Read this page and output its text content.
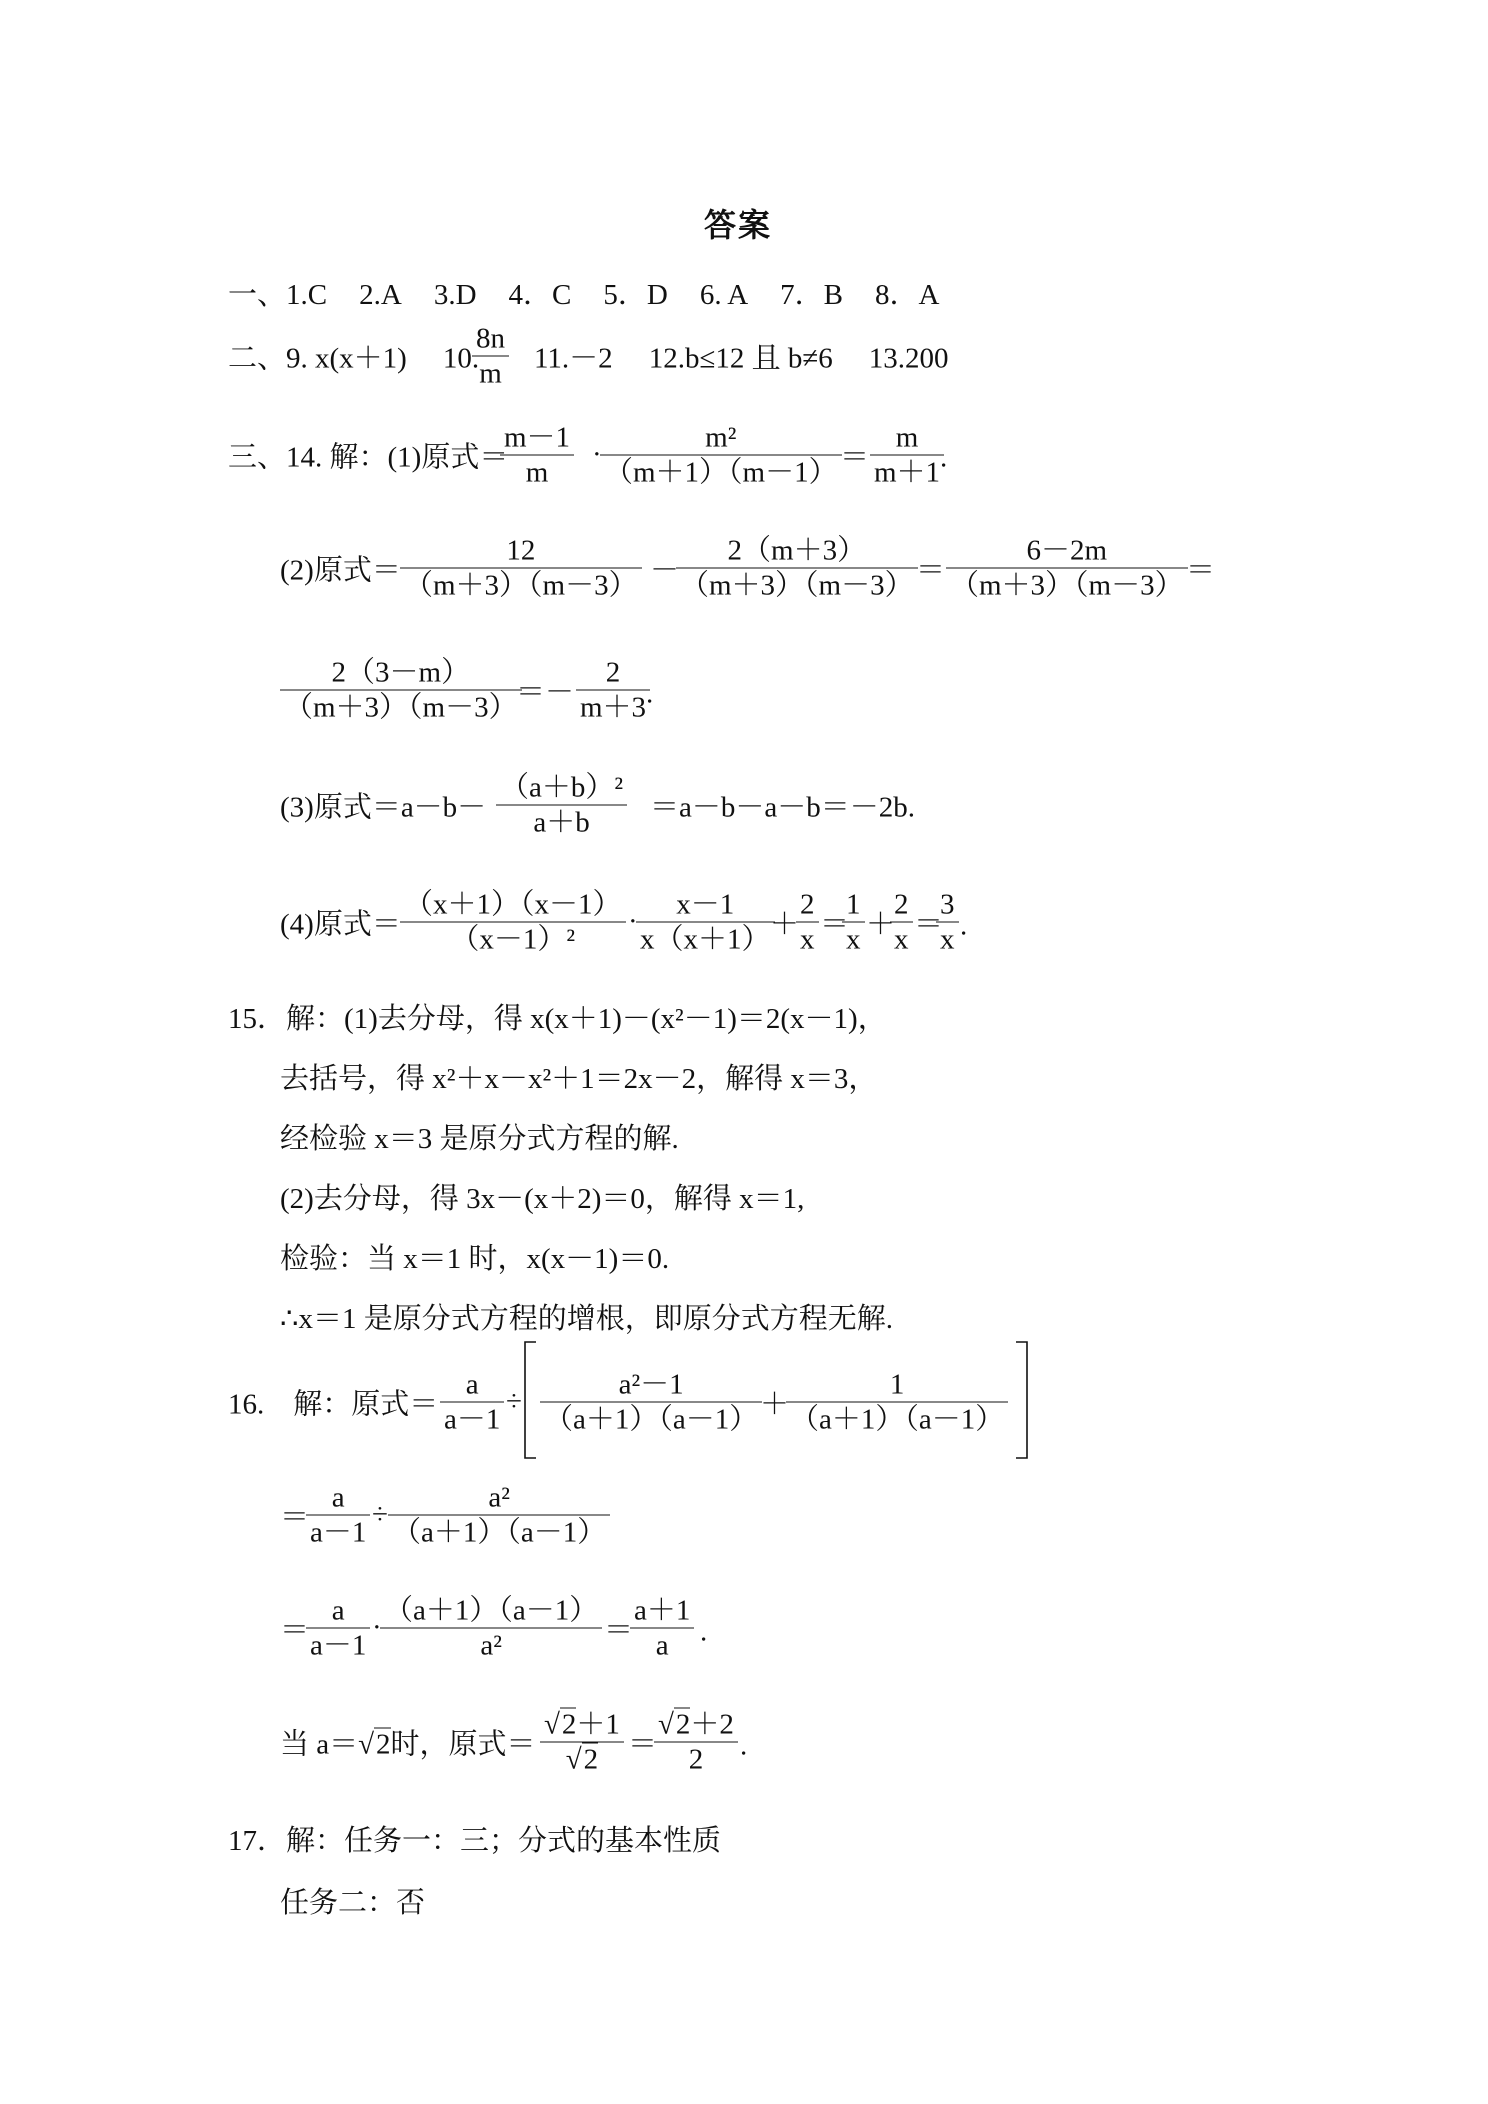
答案
一、1.C 2.A 3.D 4．C 5．D 6. A 7．B 8．A
二、9. x(x＋1) 10.
8n
m 11.－2 12.b≤12 且 b≠6 13.200
三、14. 解：(1)原式＝
m－1
m
·
m²
（m＋1）（m－1） ＝
m
m＋1 .
(2)原式＝
12
（m＋3）（m－3） －
2（m＋3）
（m＋3）（m－3） ＝
6－2m
（m＋3）（m－3） ＝
2（3－m）
（m＋3）（m－3）
＝－
2
m＋3 .
(3)原式＝a－b－
（a＋b）²
a＋b ＝a－b－a－b＝－2b.
(4)原式＝
（x＋1）（x－1）
（x－1）²
·
x－1
x（x＋1） ＋
2
x ＝
1
x ＋
2
x ＝
3
x .
15．解：(1)去分母，得 x(x＋1)－(x²－1)＝2(x－1)，
去括号，得 x²＋x－x²＋1＝2x－2，解得 x＝3，
经检验 x＝3 是原分式方程的解.
(2)去分母，得 3x－(x＋2)＝0，解得 x＝1,
检验：当 x＝1 时，x(x－1)＝0.
∴x＝1 是原分式方程的增根，即原分式方程无解.
16.　解：原式＝
a
a－1
÷
a²－1
（a＋1）（a－1） ＋
1
（a＋1）（a－1）
＝
a
a－1
÷
a²
（a＋1）（a－1）
＝
a
a－1
·
（a＋1）（a－1）
a²	＝
a＋1
a .
当 a＝√2时，原式＝
√2＋1
√2 ＝
√2＋2
2 .
17．解：任务一：三；分式的基本性质
任务二：否
